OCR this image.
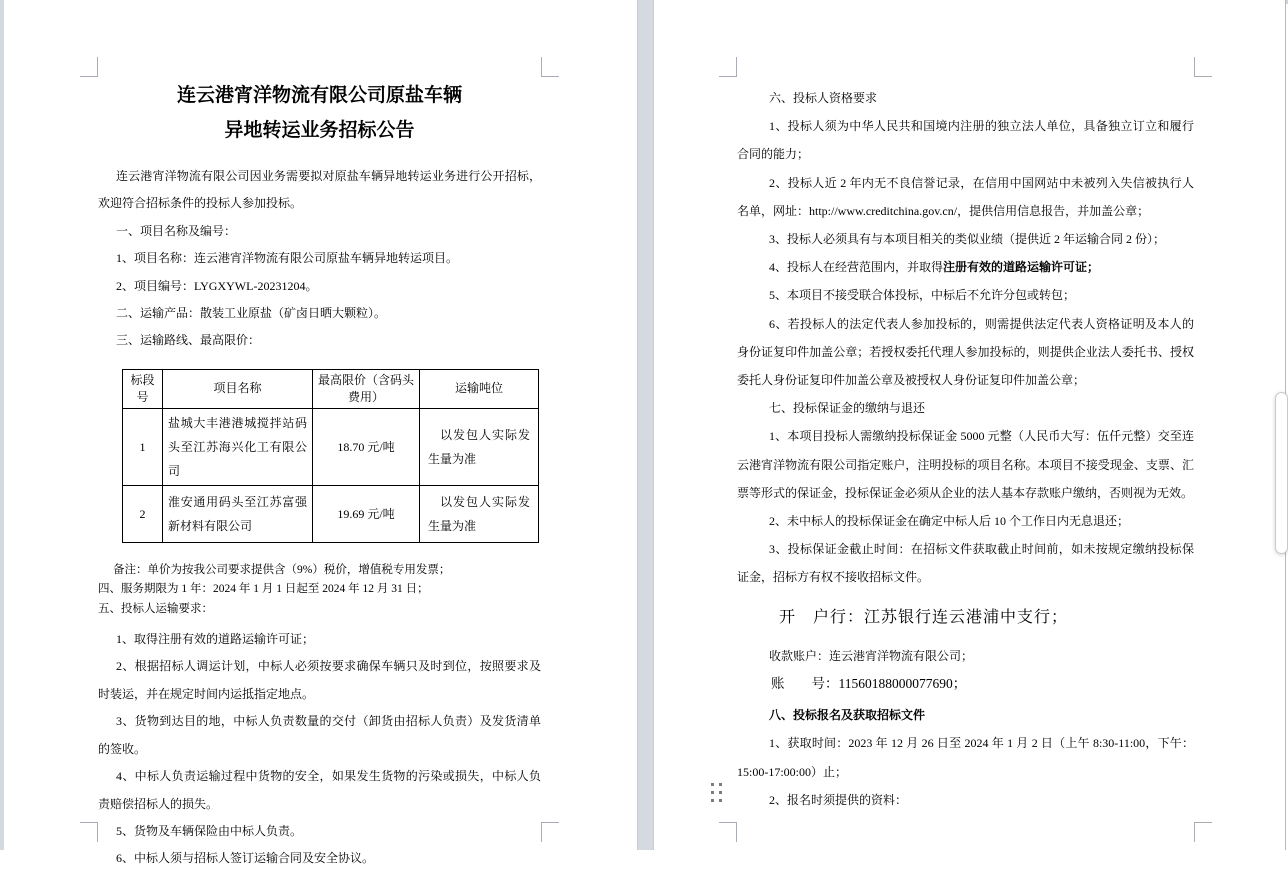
连云港宵洋物流有限公司原盐车辆
异地转运业务招标公告

连云港宵洋物流有限公司因业务需要拟对原盐车辆异地转运业务进行公开招标，欢迎符合招标条件的投标人参加投标。

一、项目名称及编号：

1、项目名称：连云港宵洋物流有限公司原盐车辆异地转运项目。

2、项目编号：LYGXYWL-20231204。

二、运输产品：散装工业原盐（矿卤日晒大颗粒）。

三、运输路线、最高限价：

标段号	项目名称	最高限价（含码头费用）	运输吨位
1	盐城大丰港港城搅拌站码头至江苏海兴化工有限公司	18.70 元/吨	以发包人实际发生量为准
2	淮安通用码头至江苏富强新材料有限公司	19.69 元/吨	以发包人实际发生量为准

备注：单价为按我公司要求提供含（9%）税价，增值税专用发票；

四、服务期限为 1 年：2024 年 1 月 1 日起至 2024 年 12 月 31 日；

五、投标人运输要求：

1、取得注册有效的道路运输许可证；

2、根据招标人调运计划，中标人必须按要求确保车辆只及时到位，按照要求及时装运，并在规定时间内运抵指定地点。

3、货物到达目的地，中标人负责数量的交付（卸货由招标人负责）及发货清单的签收。

4、中标人负责运输过程中货物的安全，如果发生货物的污染或损失，中标人负责赔偿招标人的损失。

5、货物及车辆保险由中标人负责。

6、中标人须与招标人签订运输合同及安全协议。

六、投标人资格要求

1、投标人须为中华人民共和国境内注册的独立法人单位，具备独立订立和履行合同的能力；

2、投标人近 2 年内无不良信誉记录，在信用中国网站中未被列入失信被执行人名单，网址：http://www.creditchina.gov.cn/，提供信用信息报告，并加盖公章；

3、投标人必须具有与本项目相关的类似业绩（提供近 2 年运输合同 2 份）；

4、投标人在经营范围内，并取得注册有效的道路运输许可证；

5、本项目不接受联合体投标，中标后不允许分包或转包；

6、若投标人的法定代表人参加投标的，则需提供法定代表人资格证明及本人的身份证复印件加盖公章；若授权委托代理人参加投标的，则提供企业法人委托书、授权委托人身份证复印件加盖公章及被授权人身份证复印件加盖公章；

七、投标保证金的缴纳与退还

1、本项目投标人需缴纳投标保证金 5000 元整（人民币大写：伍仟元整）交至连云港宵洋物流有限公司指定账户，注明投标的项目名称。本项目不接受现金、支票、汇票等形式的保证金，投标保证金必须从企业的法人基本存款账户缴纳，否则视为无效。

2、未中标人的投标保证金在确定中标人后 10 个工作日内无息退还；

3、投标保证金截止时间：在招标文件获取截止时间前，如未按规定缴纳投标保证金，招标方有权不接收招标文件。

开　户行：江苏银行连云港浦中支行；

收款账户：连云港宵洋物流有限公司；

账　　号：11560188000077690；

八、投标报名及获取招标文件

1、获取时间：2023 年 12 月 26 日至 2024 年 1 月 2 日（上午 8:30-11:00，下午：15:00-17:00:00）止；

2、报名时须提供的资料：
